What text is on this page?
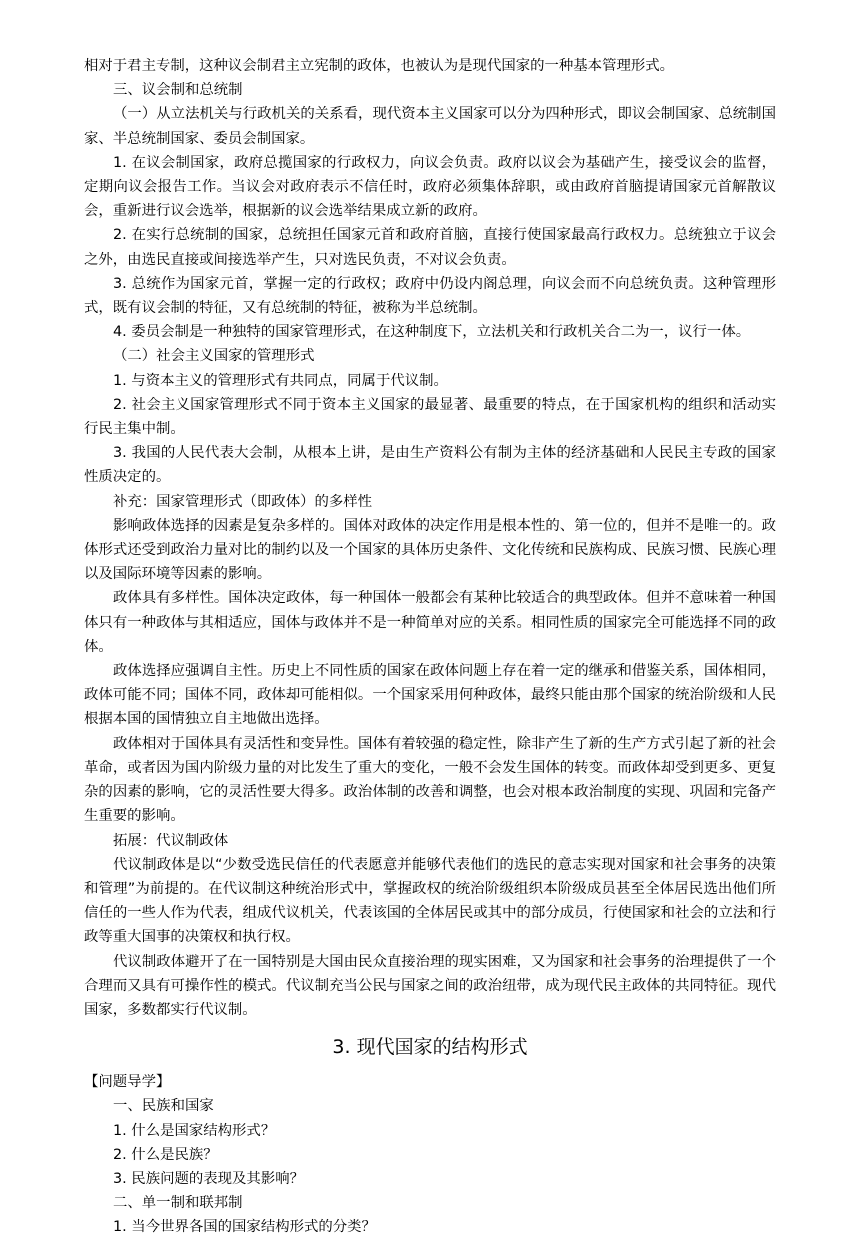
相对于君主专制，这种议会制君主立宪制的政体，也被认为是现代国家的一种基本管理形式。

三、议会制和总统制

（一）从立法机关与行政机关的关系看，现代资本主义国家可以分为四种形式，即议会制国家、总统制国家、半总统制国家、委员会制国家。

1. 在议会制国家，政府总揽国家的行政权力，向议会负责。政府以议会为基础产生，接受议会的监督，定期向议会报告工作。当议会对政府表示不信任时，政府必须集体辞职，或由政府首脑提请国家元首解散议会，重新进行议会选举，根据新的议会选举结果成立新的政府。

2. 在实行总统制的国家，总统担任国家元首和政府首脑，直接行使国家最高行政权力。总统独立于议会之外，由选民直接或间接选举产生，只对选民负责，不对议会负责。

3. 总统作为国家元首，掌握一定的行政权；政府中仍设内阁总理，向议会而不向总统负责。这种管理形式，既有议会制的特征，又有总统制的特征，被称为半总统制。

4. 委员会制是一种独特的国家管理形式，在这种制度下，立法机关和行政机关合二为一，议行一体。

（二）社会主义国家的管理形式

1. 与资本主义的管理形式有共同点，同属于代议制。

2. 社会主义国家管理形式不同于资本主义国家的最显著、最重要的特点，在于国家机构的组织和活动实行民主集中制。

3. 我国的人民代表大会制，从根本上讲，是由生产资料公有制为主体的经济基础和人民民主专政的国家性质决定的。

补充：国家管理形式（即政体）的多样性

影响政体选择的因素是复杂多样的。国体对政体的决定作用是根本性的、第一位的，但并不是唯一的。政体形式还受到政治力量对比的制约以及一个国家的具体历史条件、文化传统和民族构成、民族习惯、民族心理以及国际环境等因素的影响。

政体具有多样性。国体决定政体，每一种国体一般都会有某种比较适合的典型政体。但并不意味着一种国体只有一种政体与其相适应，国体与政体并不是一种简单对应的关系。相同性质的国家完全可能选择不同的政体。

政体选择应强调自主性。历史上不同性质的国家在政体问题上存在着一定的继承和借鉴关系，国体相同，政体可能不同；国体不同，政体却可能相似。一个国家采用何种政体，最终只能由那个国家的统治阶级和人民根据本国的国情独立自主地做出选择。

政体相对于国体具有灵活性和变异性。国体有着较强的稳定性，除非产生了新的生产方式引起了新的社会革命，或者因为国内阶级力量的对比发生了重大的变化，一般不会发生国体的转变。而政体却受到更多、更复杂的因素的影响，它的灵活性要大得多。政治体制的改善和调整，也会对根本政治制度的实现、巩固和完备产生重要的影响。

拓展：代议制政体

代议制政体是以“少数受选民信任的代表愿意并能够代表他们的选民的意志实现对国家和社会事务的决策和管理”为前提的。在代议制这种统治形式中，掌握政权的统治阶级组织本阶级成员甚至全体居民选出他们所信任的一些人作为代表，组成代议机关，代表该国的全体居民或其中的部分成员，行使国家和社会的立法和行政等重大国事的决策权和执行权。

代议制政体避开了在一国特别是大国由民众直接治理的现实困难，又为国家和社会事务的治理提供了一个合理而又具有可操作性的模式。代议制充当公民与国家之间的政治纽带，成为现代民主政体的共同特征。现代国家，多数都实行代议制。

3. 现代国家的结构形式

【问题导学】

一、民族和国家

1. 什么是国家结构形式？

2. 什么是民族？

3. 民族问题的表现及其影响？

二、单一制和联邦制

1. 当今世界各国的国家结构形式的分类？
